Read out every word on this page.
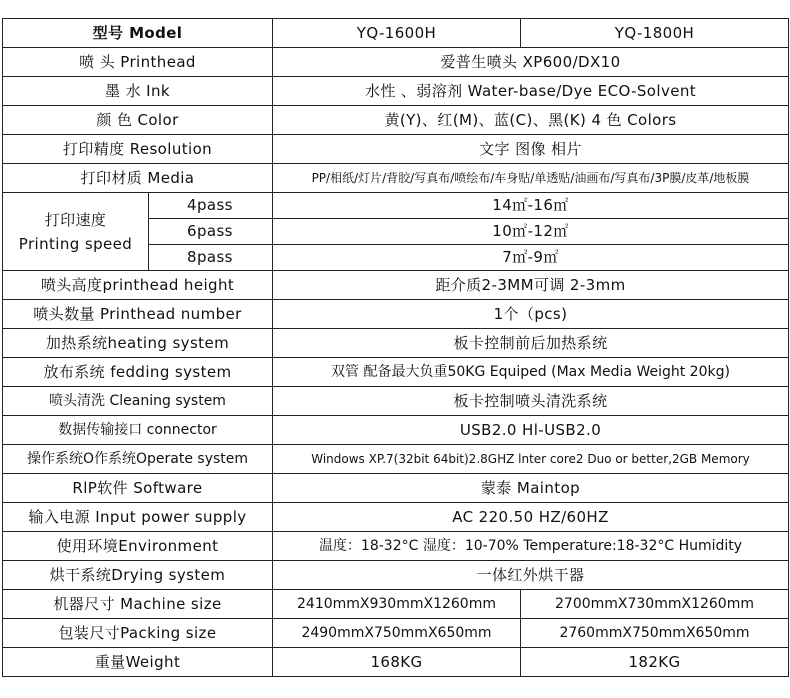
型号 Model		YQ-1600H	YQ-1800H
喷 头 Printhead		爱普生喷头 XP600/DX10	
墨 水 Ink		水性 、弱溶剂 Water-base/Dye ECO-Solvent	
颜 色 Color		黄(Y)、红(M)、蓝(C)、黑(K) 4 色 Colors	
打印精度 Resolution		文字 图像 相片	
打印材质 Media		PP/相纸/灯片/背胶/写真布/喷绘布/车身贴/单透贴/油画布/写真布/3P膜/皮革/地板膜	

打印速度
Printing speed	4pass	14㎡-16㎡	
	6pass	10㎡-12㎡	
	8pass	7㎡-9㎡	
喷头高度printhead height		距介质2-3MM可调 2-3mm	
喷头数量 Printhead number		1个（pcs)	
加热系统heating system		板卡控制前后加热系统	
放布系统 fedding system		双管 配备最大负重50KG Equiped (Max Media Weight 20kg)	
喷头清洗 Cleaning system		板卡控制喷头清洗系统	
数据传输接口 connector		USB2.0 Hl-USB2.0	
操作系统O作系统Operate system		Windows XP.7(32bit 64bit)2.8GHZ lnter core2 Duo or better,2GB Memory	
RlP软件 Software		蒙泰 Maintop	
输入电源 Input power supply		AC 220.50 HZ/60HZ	
使用环境Environment		温度：18-32°C 湿度：10-70% Temperature:18-32°C Humidity	
烘干系统Drying system		一体红外烘干器	
机器尺寸 Machine size		2410mmX930mmX1260mm	2700mmX730mmX1260mm
包装尺寸Packing size		2490mmX750mmX650mm	2760mmX750mmX650mm
重量Weight		168KG	182KG
